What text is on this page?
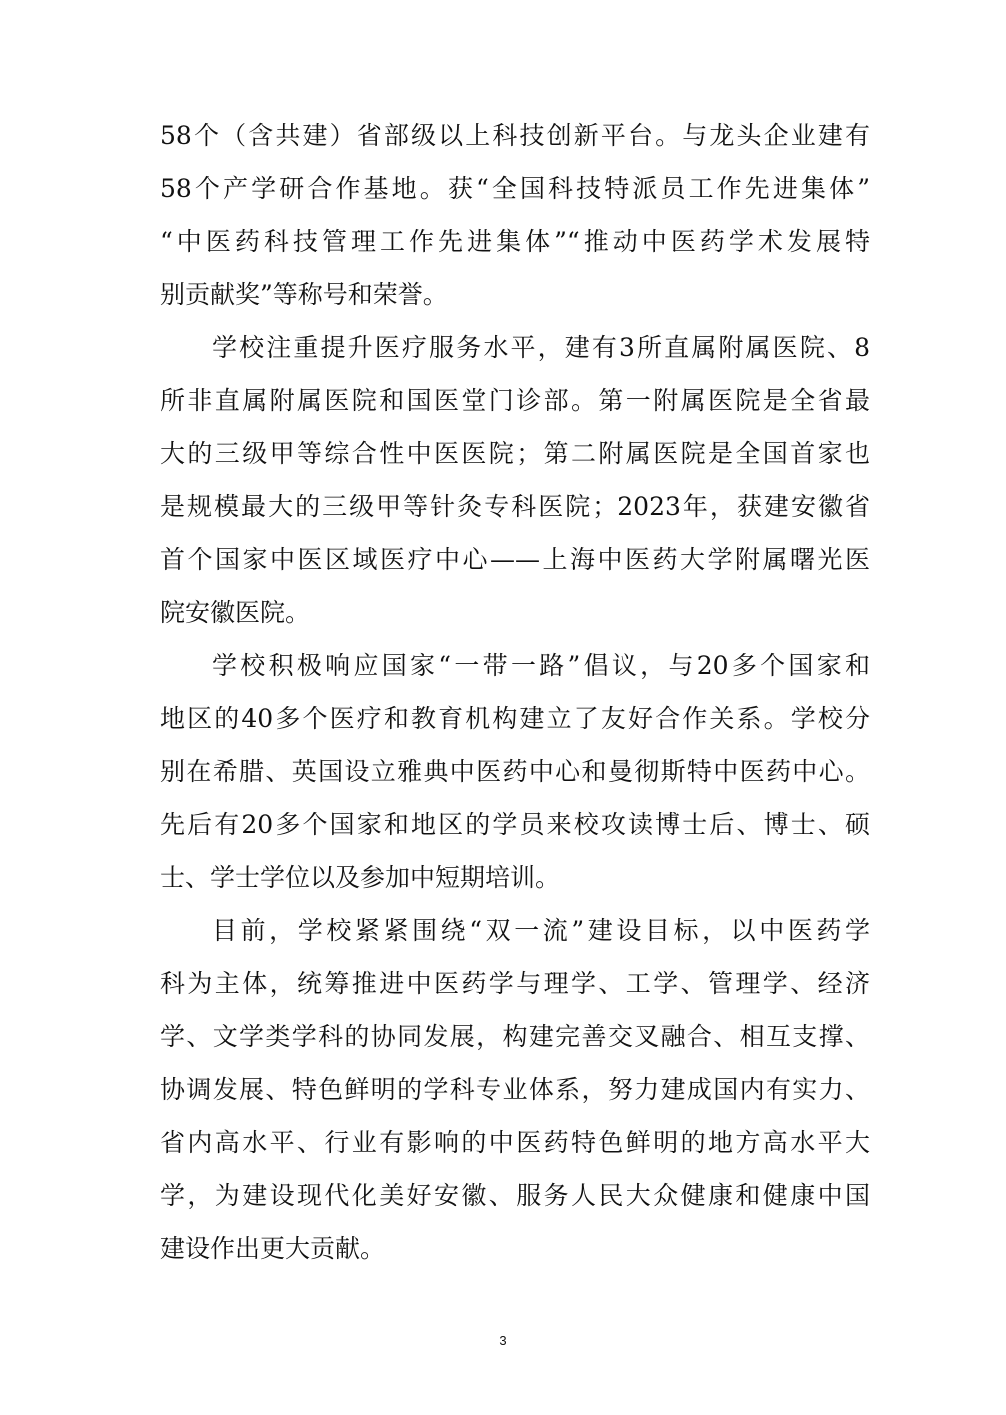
58个（含共建）省部级以上科技创新平台。与龙头企业建有
58个产学研合作基地。获“全国科技特派员工作先进集体”
“中医药科技管理工作先进集体”“推动中医药学术发展特
别贡献奖”等称号和荣誉。
学校注重提升医疗服务水平，建有3所直属附属医院、8
所非直属附属医院和国医堂门诊部。第一附属医院是全省最
大的三级甲等综合性中医医院；第二附属医院是全国首家也
是规模最大的三级甲等针灸专科医院；2023年，获建安徽省
首个国家中医区域医疗中心——上海中医药大学附属曙光医
院安徽医院。
学校积极响应国家“一带一路”倡议，与20多个国家和
地区的40多个医疗和教育机构建立了友好合作关系。学校分
别在希腊、英国设立雅典中医药中心和曼彻斯特中医药中心。
先后有20多个国家和地区的学员来校攻读博士后、博士、硕
士、学士学位以及参加中短期培训。
目前，学校紧紧围绕“双一流”建设目标，以中医药学
科为主体，统筹推进中医药学与理学、工学、管理学、经济
学、文学类学科的协同发展，构建完善交叉融合、相互支撑、
协调发展、特色鲜明的学科专业体系，努力建成国内有实力、
省内高水平、行业有影响的中医药特色鲜明的地方高水平大
学，为建设现代化美好安徽、服务人民大众健康和健康中国
建设作出更大贡献。
3
